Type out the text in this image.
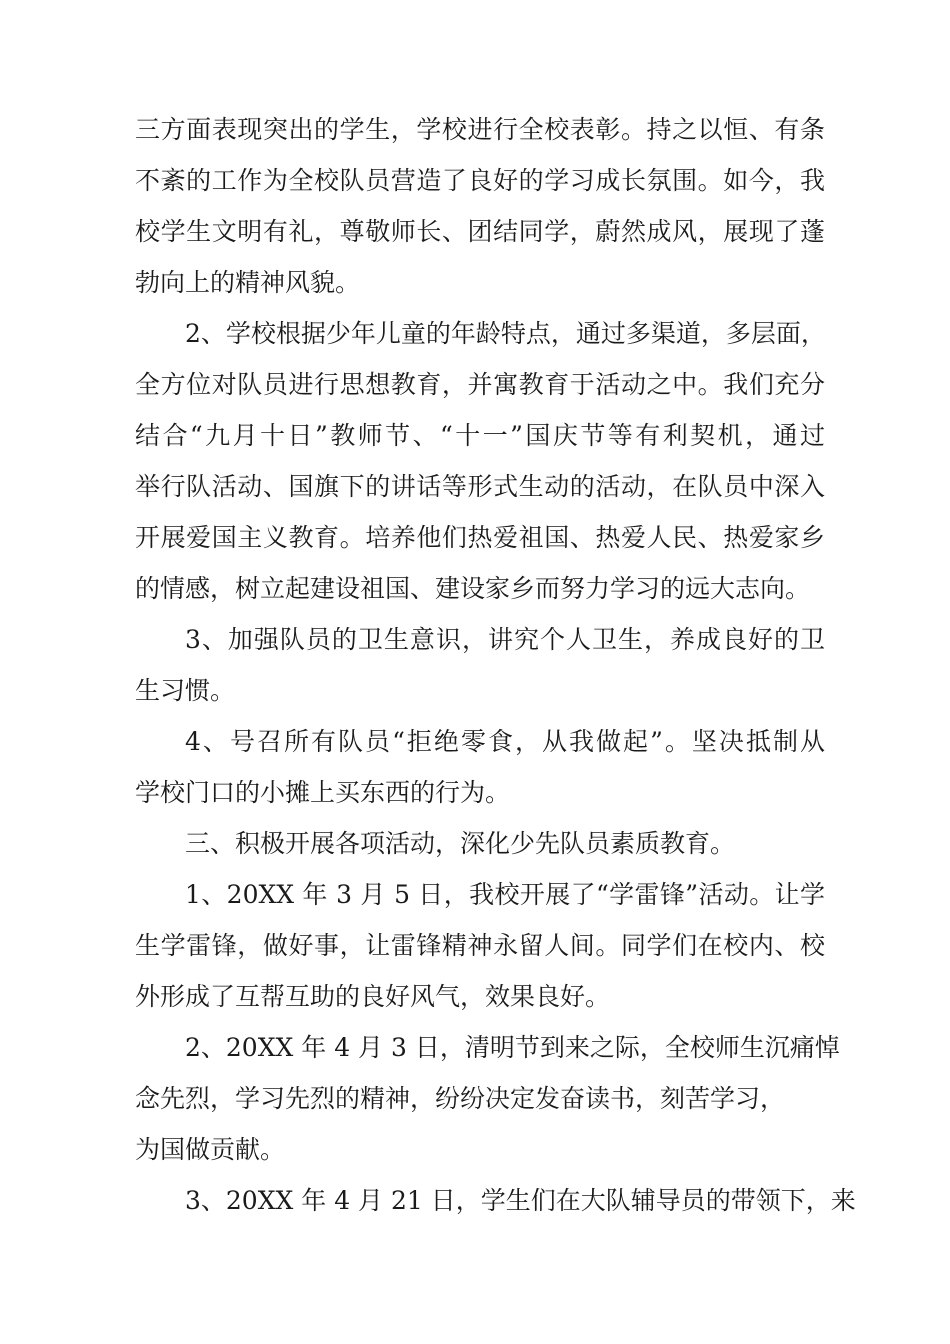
三方面表现突出的学生，学校进行全校表彰。持之以恒、有条
不紊的工作为全校队员营造了良好的学习成长氛围。如今，我
校学生文明有礼，尊敬师长、团结同学，蔚然成风，展现了蓬
勃向上的精神风貌。
2、学校根据少年儿童的年龄特点，通过多渠道，多层面，
全方位对队员进行思想教育，并寓教育于活动之中。我们充分
结合“九月十日”教师节、“十一”国庆节等有利契机，通过
举行队活动、国旗下的讲话等形式生动的活动，在队员中深入
开展爱国主义教育。培养他们热爱祖国、热爱人民、热爱家乡
的情感，树立起建设祖国、建设家乡而努力学习的远大志向。
3、加强队员的卫生意识，讲究个人卫生，养成良好的卫
生习惯。
4、号召所有队员“拒绝零食，从我做起”。坚决抵制从
学校门口的小摊上买东西的行为。
三、积极开展各项活动，深化少先队员素质教育。
1、20XX 年 3 月 5 日，我校开展了“学雷锋”活动。让学
生学雷锋，做好事，让雷锋精神永留人间。同学们在校内、校
外形成了互帮互助的良好风气，效果良好。
2、20XX 年 4 月 3 日，清明节到来之际，全校师生沉痛悼
念先烈，学习先烈的精神，纷纷决定发奋读书，刻苦学习，
为国做贡献。
3、20XX 年 4 月 21 日，学生们在大队辅导员的带领下，来
